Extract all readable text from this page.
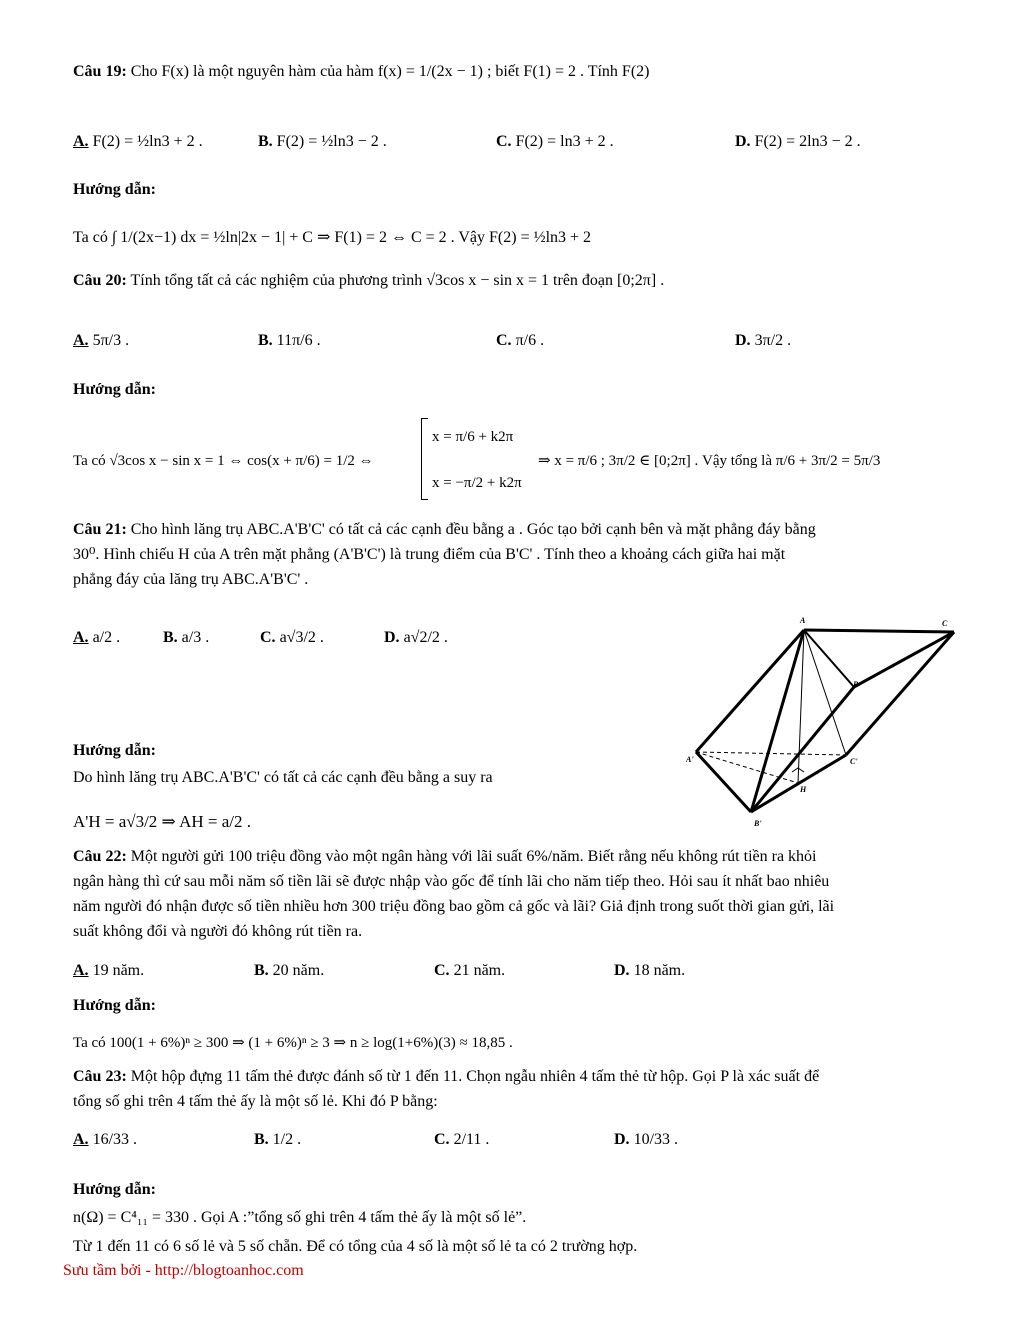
Câu 19: Cho F(x) là một nguyên hàm của hàm f(x) = 1/(2x − 1) ; biết F(1) = 2 . Tính F(2)
A. F(2) = ½ln3 + 2 .	B. F(2) = ½ln3 − 2 .	C. F(2) = ln3 + 2 .	D. F(2) = 2ln3 − 2 .
Hướng dẫn:
Ta có ∫ 1/(2x−1) dx = ½ln|2x − 1| + C ⇒ F(1) = 2 ⇔ C = 2 . Vậy F(2) = ½ln3 + 2
Câu 20: Tính tổng tất cả các nghiệm của phương trình √3cos x − sin x = 1 trên đoạn [0;2π] .
A. 5π/3 .	B. 11π/6 .	C. π/6 .	D. 3π/2 .
Hướng dẫn:
Ta có √3cos x − sin x = 1 ⇔ cos(x + π/6) = 1/2 ⇔
x = π/6 + k2π
x = −π/2 + k2π
⇒ x = π/6 ; 3π/2 ∈ [0;2π] . Vậy tổng là π/6 + 3π/2 = 5π/3
Câu 21: Cho hình lăng trụ ABC.A'B'C' có tất cả các cạnh đều bằng a . Góc tạo bởi cạnh bên và mặt phẳng đáy bằng
30⁰. Hình chiếu H của A trên mặt phẳng (A'B'C') là trung điểm của B'C' . Tính theo a khoảng cách giữa hai mặt
phẳng đáy của lăng trụ ABC.A'B'C' .
A. a/2 .	B. a/3 .	C. a√3/2 .	D. a√2/2 .
Hướng dẫn:
Do hình lăng trụ ABC.A'B'C' có tất cả các cạnh đều bằng a suy ra
A'H = a√3/2 ⇒ AH = a/2 .
A	C
B
A'	C'
B'
H
Câu 22: Một người gửi 100 triệu đồng vào một ngân hàng với lãi suất 6%/năm. Biết rằng nếu không rút tiền ra khỏi
ngân hàng thì cứ sau mỗi năm số tiền lãi sẽ được nhập vào gốc để tính lãi cho năm tiếp theo. Hỏi sau ít nhất bao nhiêu
năm người đó nhận được số tiền nhiều hơn 300 triệu đồng bao gồm cả gốc và lãi? Giả định trong suốt thời gian gửi, lãi
suất không đổi và người đó không rút tiền ra.
A. 19 năm.	B. 20 năm.	C. 21 năm.	D. 18 năm.
Hướng dẫn:
Ta có 100(1 + 6%)ⁿ ≥ 300 ⇒ (1 + 6%)ⁿ ≥ 3 ⇒ n ≥ log(1+6%)(3) ≈ 18,85 .
Câu 23: Một hộp đựng 11 tấm thẻ được đánh số từ 1 đến 11. Chọn ngẫu nhiên 4 tấm thẻ từ hộp. Gọi P là xác suất để
tổng số ghi trên 4 tấm thẻ ấy là một số lẻ. Khi đó P bằng:
A. 16/33 .	B. 1/2 .	C. 2/11 .	D. 10/33 .
Hướng dẫn:
n(Ω) = C⁴₁₁ = 330 . Gọi A :”tổng số ghi trên 4 tấm thẻ ấy là một số lẻ”.
Từ 1 đến 11 có 6 số lẻ và 5 số chẵn. Để có tổng của 4 số là một số lẻ ta có 2 trường hợp.
Sưu tầm bởi - http://blogtoanhoc.com
